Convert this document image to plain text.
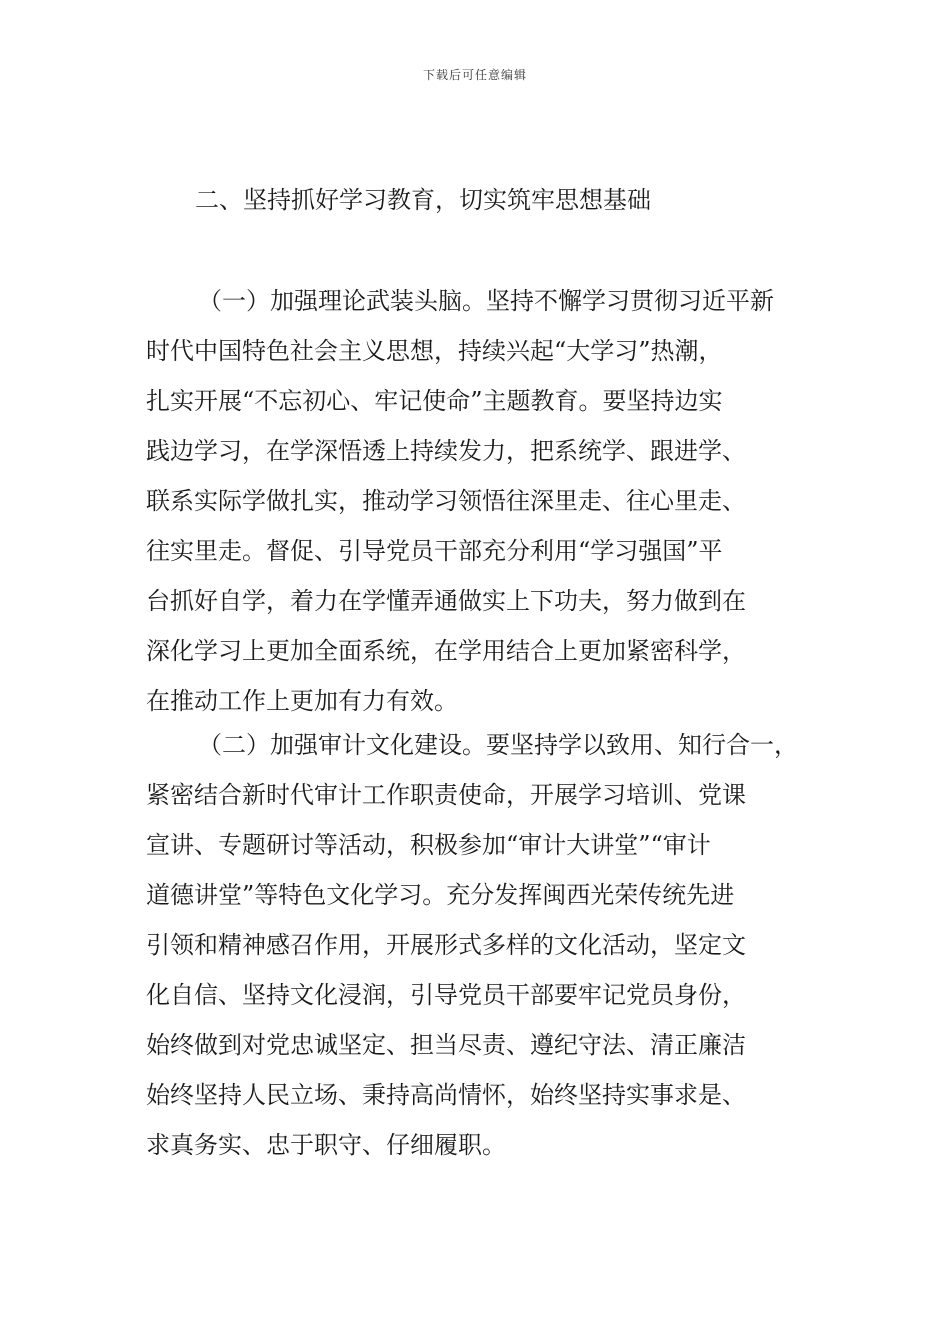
下载后可任意编辑
二、坚持抓好学习教育，切实筑牢思想基础
（一）加强理论武装头脑。坚持不懈学习贯彻习近平新
时代中国特色社会主义思想，持续兴起“大学习”热潮，
扎实开展“不忘初心、牢记使命”主题教育。要坚持边实
践边学习，在学深悟透上持续发力，把系统学、跟进学、
联系实际学做扎实，推动学习领悟往深里走、往心里走、
往实里走。督促、引导党员干部充分利用“学习强国”平
台抓好自学，着力在学懂弄通做实上下功夫，努力做到在
深化学习上更加全面系统，在学用结合上更加紧密科学，
在推动工作上更加有力有效。
（二）加强审计文化建设。要坚持学以致用、知行合一，
紧密结合新时代审计工作职责使命，开展学习培训、党课
宣讲、专题研讨等活动，积极参加“审计大讲堂”“审计
道德讲堂”等特色文化学习。充分发挥闽西光荣传统先进
引领和精神感召作用，开展形式多样的文化活动，坚定文
化自信、坚持文化浸润，引导党员干部要牢记党员身份，
始终做到对党忠诚坚定、担当尽责、遵纪守法、清正廉洁
始终坚持人民立场、秉持高尚情怀，始终坚持实事求是、
求真务实、忠于职守、仔细履职。
